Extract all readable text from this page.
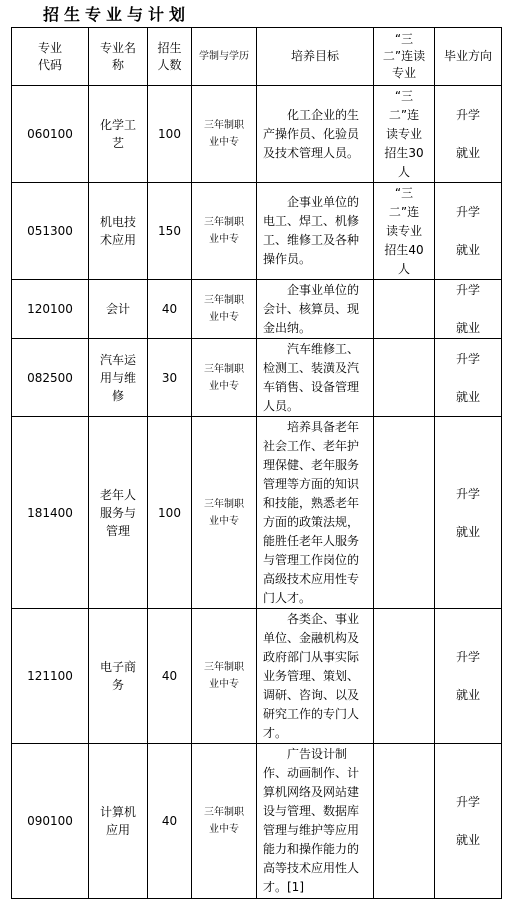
招生专业与计划
专业代码	专业名称	招生人数	学制与学历	培养目标	“三二”连读专业	毕业方向
060100	化学工艺	100	三年制职业中专	化工企业的生产操作员、化验员及技术管理人员。	“三二”连读专业招生30人	升学
就业

051300	机电技术应用	150	三年制职业中专	企事业单位的电工、焊工、机修工、维修工及各种操作员。	“三二”连读专业招生40人	升学
就业

120100	会计	40	三年制职业中专	企事业单位的会计、核算员、现金出纳。		升学
就业

082500	汽车运用与维修	30	三年制职业中专	汽车维修工、检测工、装潢及汽车销售、设备管理人员。		升学
就业

181400	老年人服务与管理	100	三年制职业中专	培养具备老年社会工作、老年护理保健、老年服务管理等方面的知识和技能，熟悉老年方面的政策法规，能胜任老年人服务与管理工作岗位的高级技术应用性专门人才。		升学
就业

121100	电子商务	40	三年制职业中专	各类企、事业单位、金融机构及政府部门从事实际业务管理、策划、调研、咨询、以及研究工作的专门人才。		升学
就业

090100	计算机应用	40	三年制职业中专	广告设计制作、动画制作、计算机网络及网站建设与管理、数据库管理与维护等应用能力和操作能力的高等技术应用性人才。[1]		升学
就业
